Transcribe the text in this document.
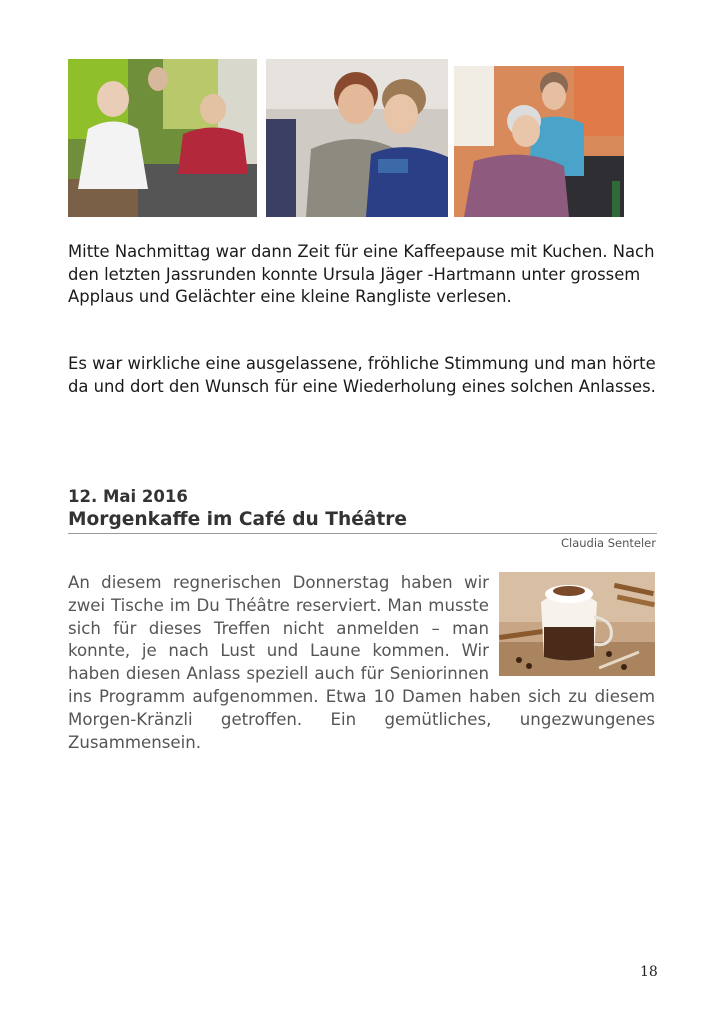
Mitte Nachmittag war dann Zeit für eine Kaffeepause mit Kuchen. Nach den letzten Jassrunden konnte Ursula Jäger -Hartmann unter grossem Applaus und Gelächter eine kleine Rangliste verlesen.

Es war wirkliche eine ausgelassene, fröhliche Stimmung und man hörte da und dort den Wunsch für eine Wiederholung eines solchen Anlasses.

12. Mai 2016
Morgenkaffe im Café du Théâtre
Claudia Senteler
An diesem regnerischen Donnerstag haben wir zwei Tische im Du Théâtre reserviert. Man musste sich für dieses Treffen nicht anmelden – man konnte, je nach Lust und Laune kommen. Wir haben diesen Anlass speziell auch für Seniorinnen ins Programm aufgenommen. Etwa 10 Damen haben sich zu diesem Morgen-Kränzli getroffen. Ein gemütliches, ungezwungenes Zusammensein.
18
